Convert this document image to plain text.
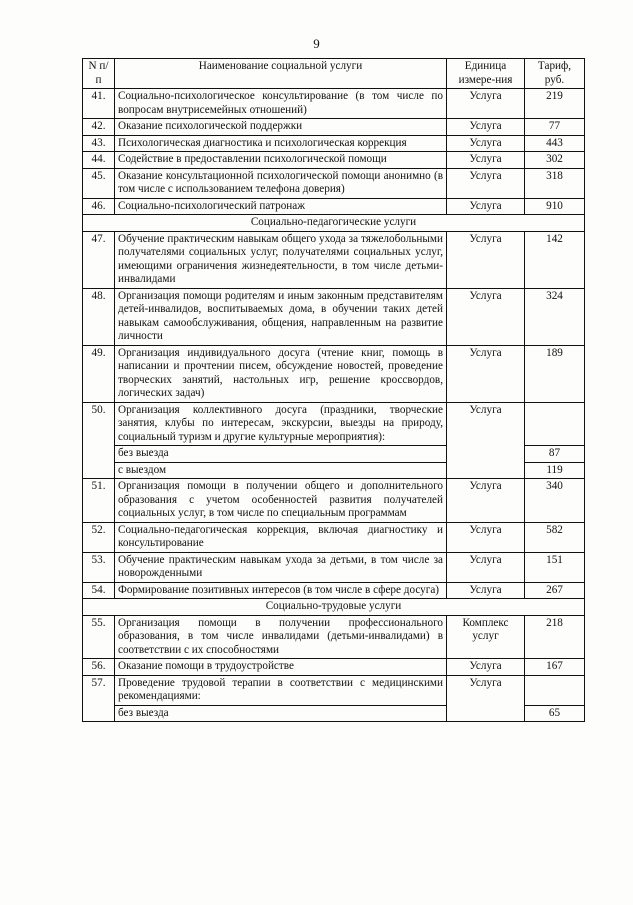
9
N п/п	Наименование социальной услуги	Единица измере-ния	Тариф, руб.
41.	Социально-психологическое консультирование (в том числе по вопросам внутрисемейных отношений)	Услуга	219
42.	Оказание психологической поддержки	Услуга	77
43.	Психологическая диагностика и психологическая коррекция	Услуга	443
44.	Содействие в предоставлении психологической помощи	Услуга	302
45.	Оказание консультационной психологической помощи анонимно (в том числе с использованием телефона доверия)	Услуга	318
46.	Социально-психологический патронаж	Услуга	910
Социально-педагогические услуги			
47.	Обучение практическим навыкам общего ухода за тяжелобольными получателями социальных услуг, получателями социальных услуг, имеющими ограничения жизнедеятельности, в том числе детьми-инвалидами	Услуга	142
48.	Организация помощи родителям и иным законным представителям детей-инвалидов, воспитываемых дома, в обучении таких детей навыкам самообслуживания, общения, направленным на развитие личности	Услуга	324
49.	Организация индивидуального досуга (чтение книг, помощь в написании и прочтении писем, обсуждение новостей, проведение творческих занятий, настольных игр, решение кроссвордов, логических задач)	Услуга	189
50.	Организация коллективного досуга (праздники, творческие занятия, клубы по интересам, экскурсии, выезды на природу, социальный туризм и другие культурные мероприятия):	Услуга	
	без выезда		87
	с выездом		119
51.	Организация помощи в получении общего и дополнительного образования с учетом особенностей развития получателей социальных услуг, в том числе по специальным программам	Услуга	340
52.	Социально-педагогическая коррекция, включая диагностику и консультирование	Услуга	582
53.	Обучение практическим навыкам ухода за детьми, в том числе за новорожденными	Услуга	151
54.	Формирование позитивных интересов (в том числе в сфере досуга)	Услуга	267
Социально-трудовые услуги			
55.	Организация помощи в получении профессионального образования, в том числе инвалидами (детьми-инвалидами) в соответствии с их способностями	Комплекс услуг	218
56.	Оказание помощи в трудоустройстве	Услуга	167
57.	Проведение трудовой терапии в соответствии с медицинскими рекомендациями:	Услуга	
	без выезда		65
